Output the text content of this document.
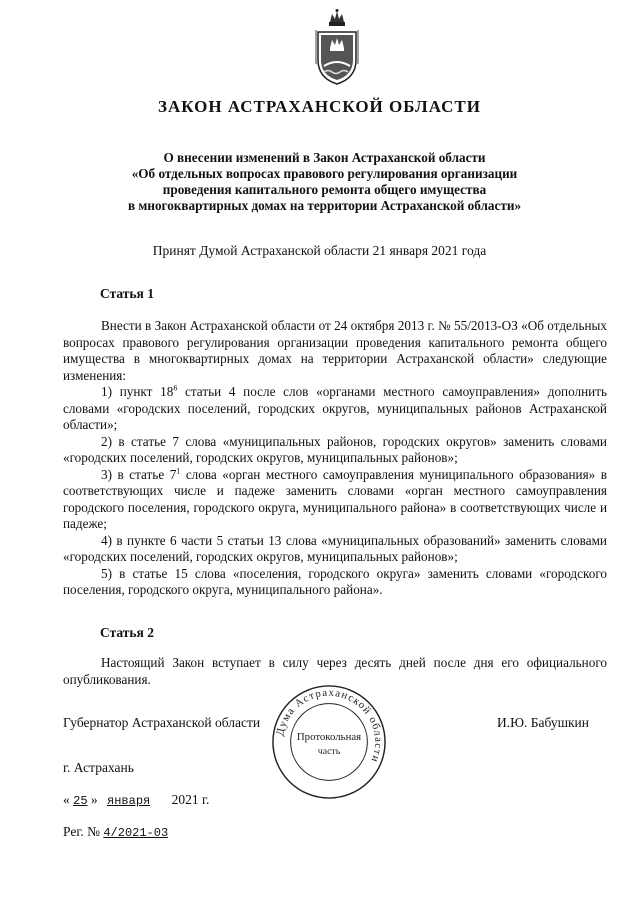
ЗАКОН АСТРАХАНСКОЙ ОБЛАСТИ
О внесении изменений в Закон Астраханской области
«Об отдельных вопросах правового регулирования организации
проведения капитального ремонта общего имущества
в многоквартирных домах на территории Астраханской области»
Принят Думой Астраханской области 21 января 2021 года
Статья 1

Внести в Закон Астраханской области от 24 октября 2013 г. № 55/2013-ОЗ «Об отдельных вопросах правового регулирования организации проведения капитального ремонта общего имущества в многоквартирных домах на территории Астраханской области» следующие изменения:

1) пункт $18^6$ статьи 4 после слов «органами местного самоуправления» дополнить словами «городских поселений, городских округов, муниципальных районов Астраханской области»;

2) в статье 7 слова «муниципальных районов, городских округов» заменить словами «городских поселений, городских округов, муниципальных районов»;

3) в статье $7^1$ слова «орган местного самоуправления муниципального образования» в соответствующих числе и падеже заменить словами «орган местного самоуправления городского поселения, городского округа, муниципального района» в соответствующих числе и падеже;

4) в пункте 6 части 5 статьи 13 слова «муниципальных образований» заменить словами «городских поселений, городских округов, муниципальных районов»;

5) в статье 15 слова «поселения, городского округа» заменить словами «городского поселения, городского округа, муниципального района».

Статья 2

Настоящий Закон вступает в силу через десять дней после дня его официального опубликования.

Губернатор Астраханской области	И.Ю. Бабушкин
Дума Астраханской области
Протокольная
часть
г. Астрахань
« 25 » января 2021 г.
Рег. № 4/2021-03
